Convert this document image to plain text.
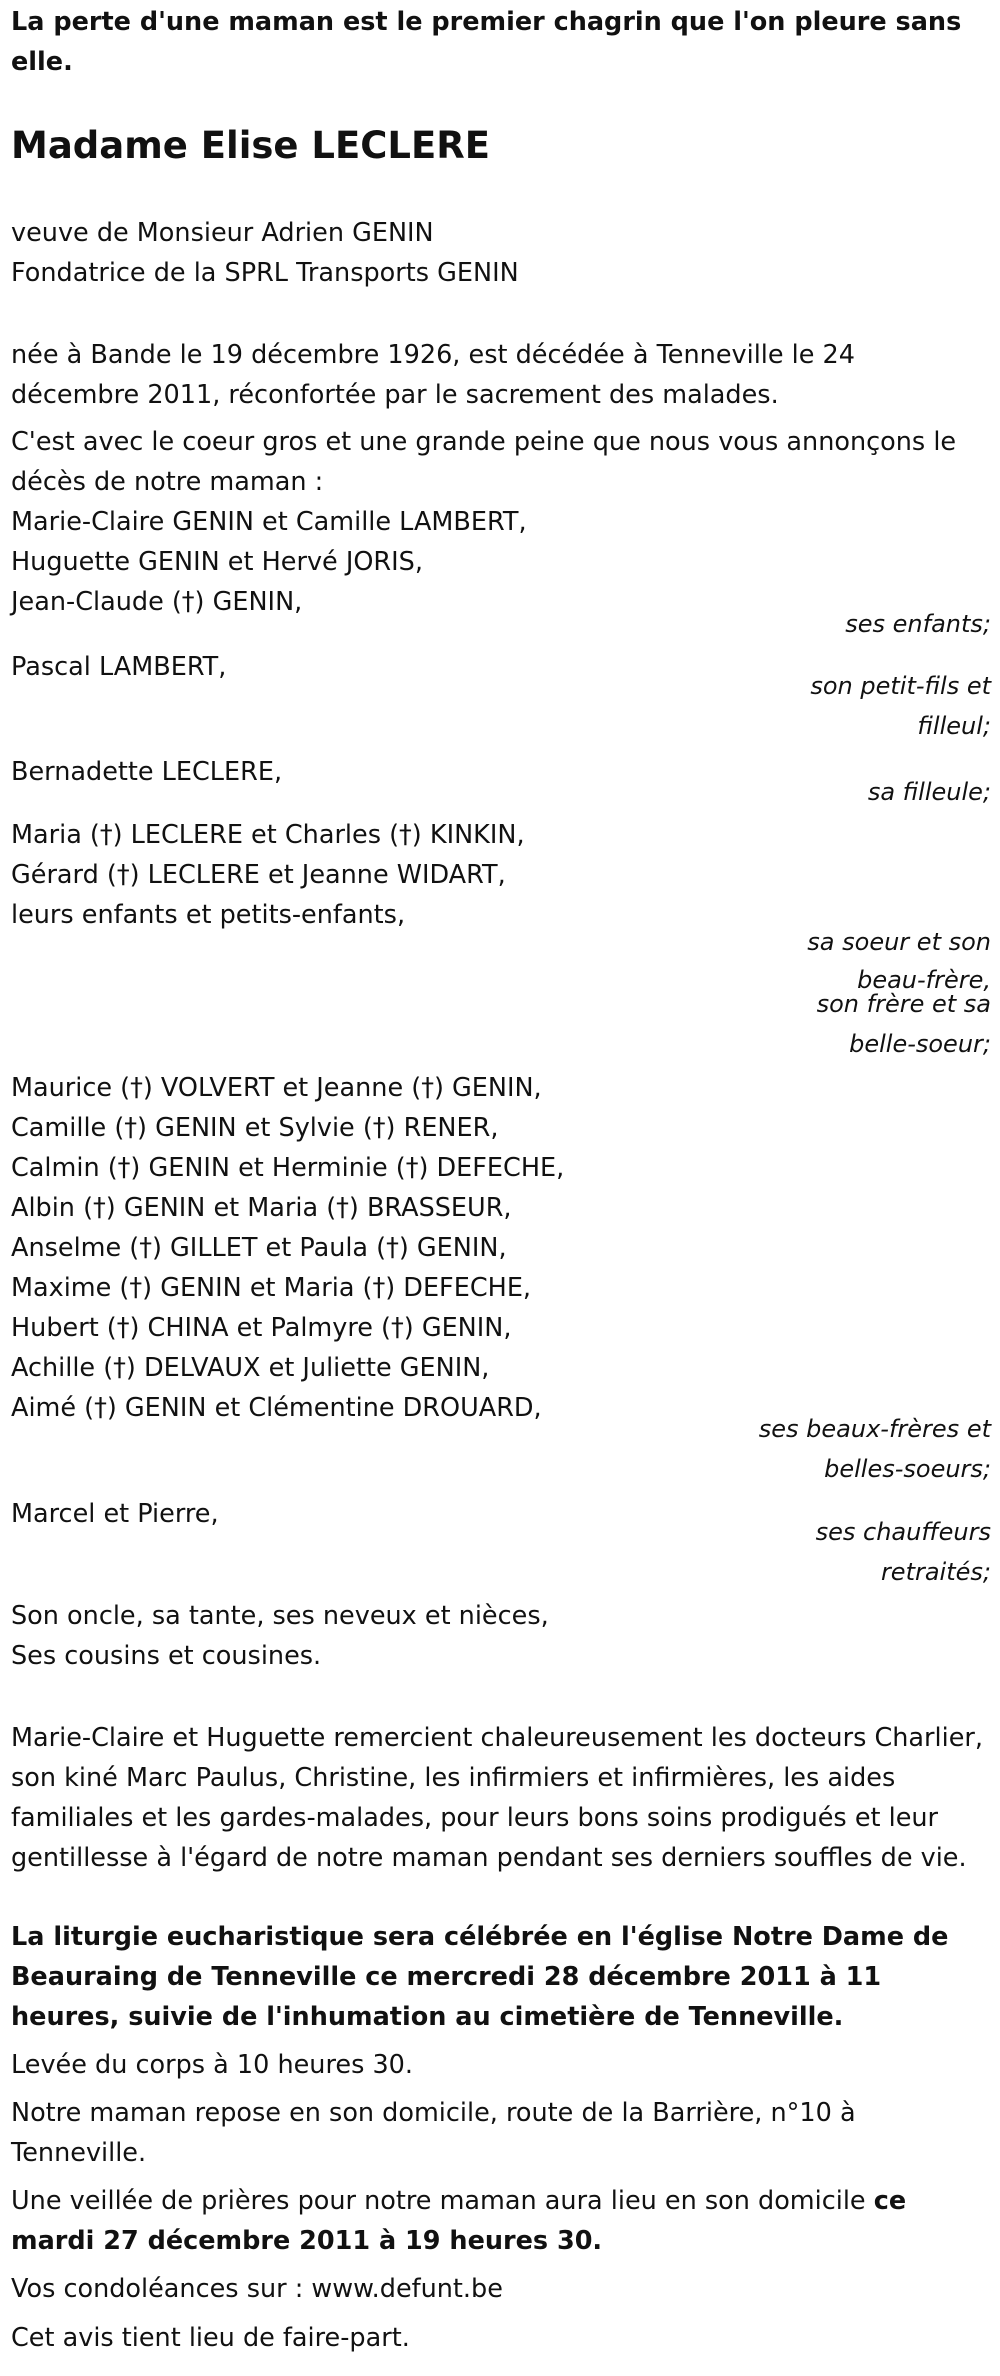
La perte d'une maman est le premier chagrin que l'on pleure sans elle.
Madame Elise LECLERE
veuve de Monsieur Adrien GENIN
Fondatrice de la SPRL Transports GENIN
née à Bande le 19 décembre 1926, est décédée à Tenneville le 24 décembre 2011, réconfortée par le sacrement des malades.
C'est avec le coeur gros et une grande peine que nous vous annonçons le décès de notre maman :
Marie-Claire GENIN et Camille LAMBERT,
Huguette GENIN et Hervé JORIS,
Jean-Claude (†) GENIN,
ses enfants;
Pascal LAMBERT,
son petit-fils et
filleul;
Bernadette LECLERE,
sa filleule;
Maria (†) LECLERE et Charles (†) KINKIN,
Gérard (†) LECLERE et Jeanne WIDART,
leurs enfants et petits-enfants,
sa soeur et son
beau-frère,
son frère et sa
belle-soeur;
Maurice (†) VOLVERT et Jeanne (†) GENIN,
Camille (†) GENIN et Sylvie (†) RENER,
Calmin (†) GENIN et Herminie (†) DEFECHE,
Albin (†) GENIN et Maria (†) BRASSEUR,
Anselme (†) GILLET et Paula (†) GENIN,
Maxime (†) GENIN et Maria (†) DEFECHE,
Hubert (†) CHINA et Palmyre (†) GENIN,
Achille (†) DELVAUX et Juliette GENIN,
Aimé (†) GENIN et Clémentine DROUARD,
ses beaux-frères et
belles-soeurs;
Marcel et Pierre,
ses chauffeurs
retraités;
Son oncle, sa tante, ses neveux et nièces,
Ses cousins et cousines.
Marie-Claire et Huguette remercient chaleureusement les docteurs Charlier, son kiné Marc Paulus, Christine, les infirmiers et infirmières, les aides familiales et les gardes-malades, pour leurs bons soins prodigués et leur gentillesse à l'égard de notre maman pendant ses derniers souffles de vie.
La liturgie eucharistique sera célébrée en l'église Notre Dame de Beauraing de Tenneville ce mercredi 28 décembre 2011 à 11 heures, suivie de l'inhumation au cimetière de Tenneville.
Levée du corps à 10 heures 30.
Notre maman repose en son domicile, route de la Barrière, n°10 à Tenneville.
Une veillée de prières pour notre maman aura lieu en son domicile ce mardi 27 décembre 2011 à 19 heures 30.
Vos condoléances sur : www.defunt.be
Cet avis tient lieu de faire-part.
